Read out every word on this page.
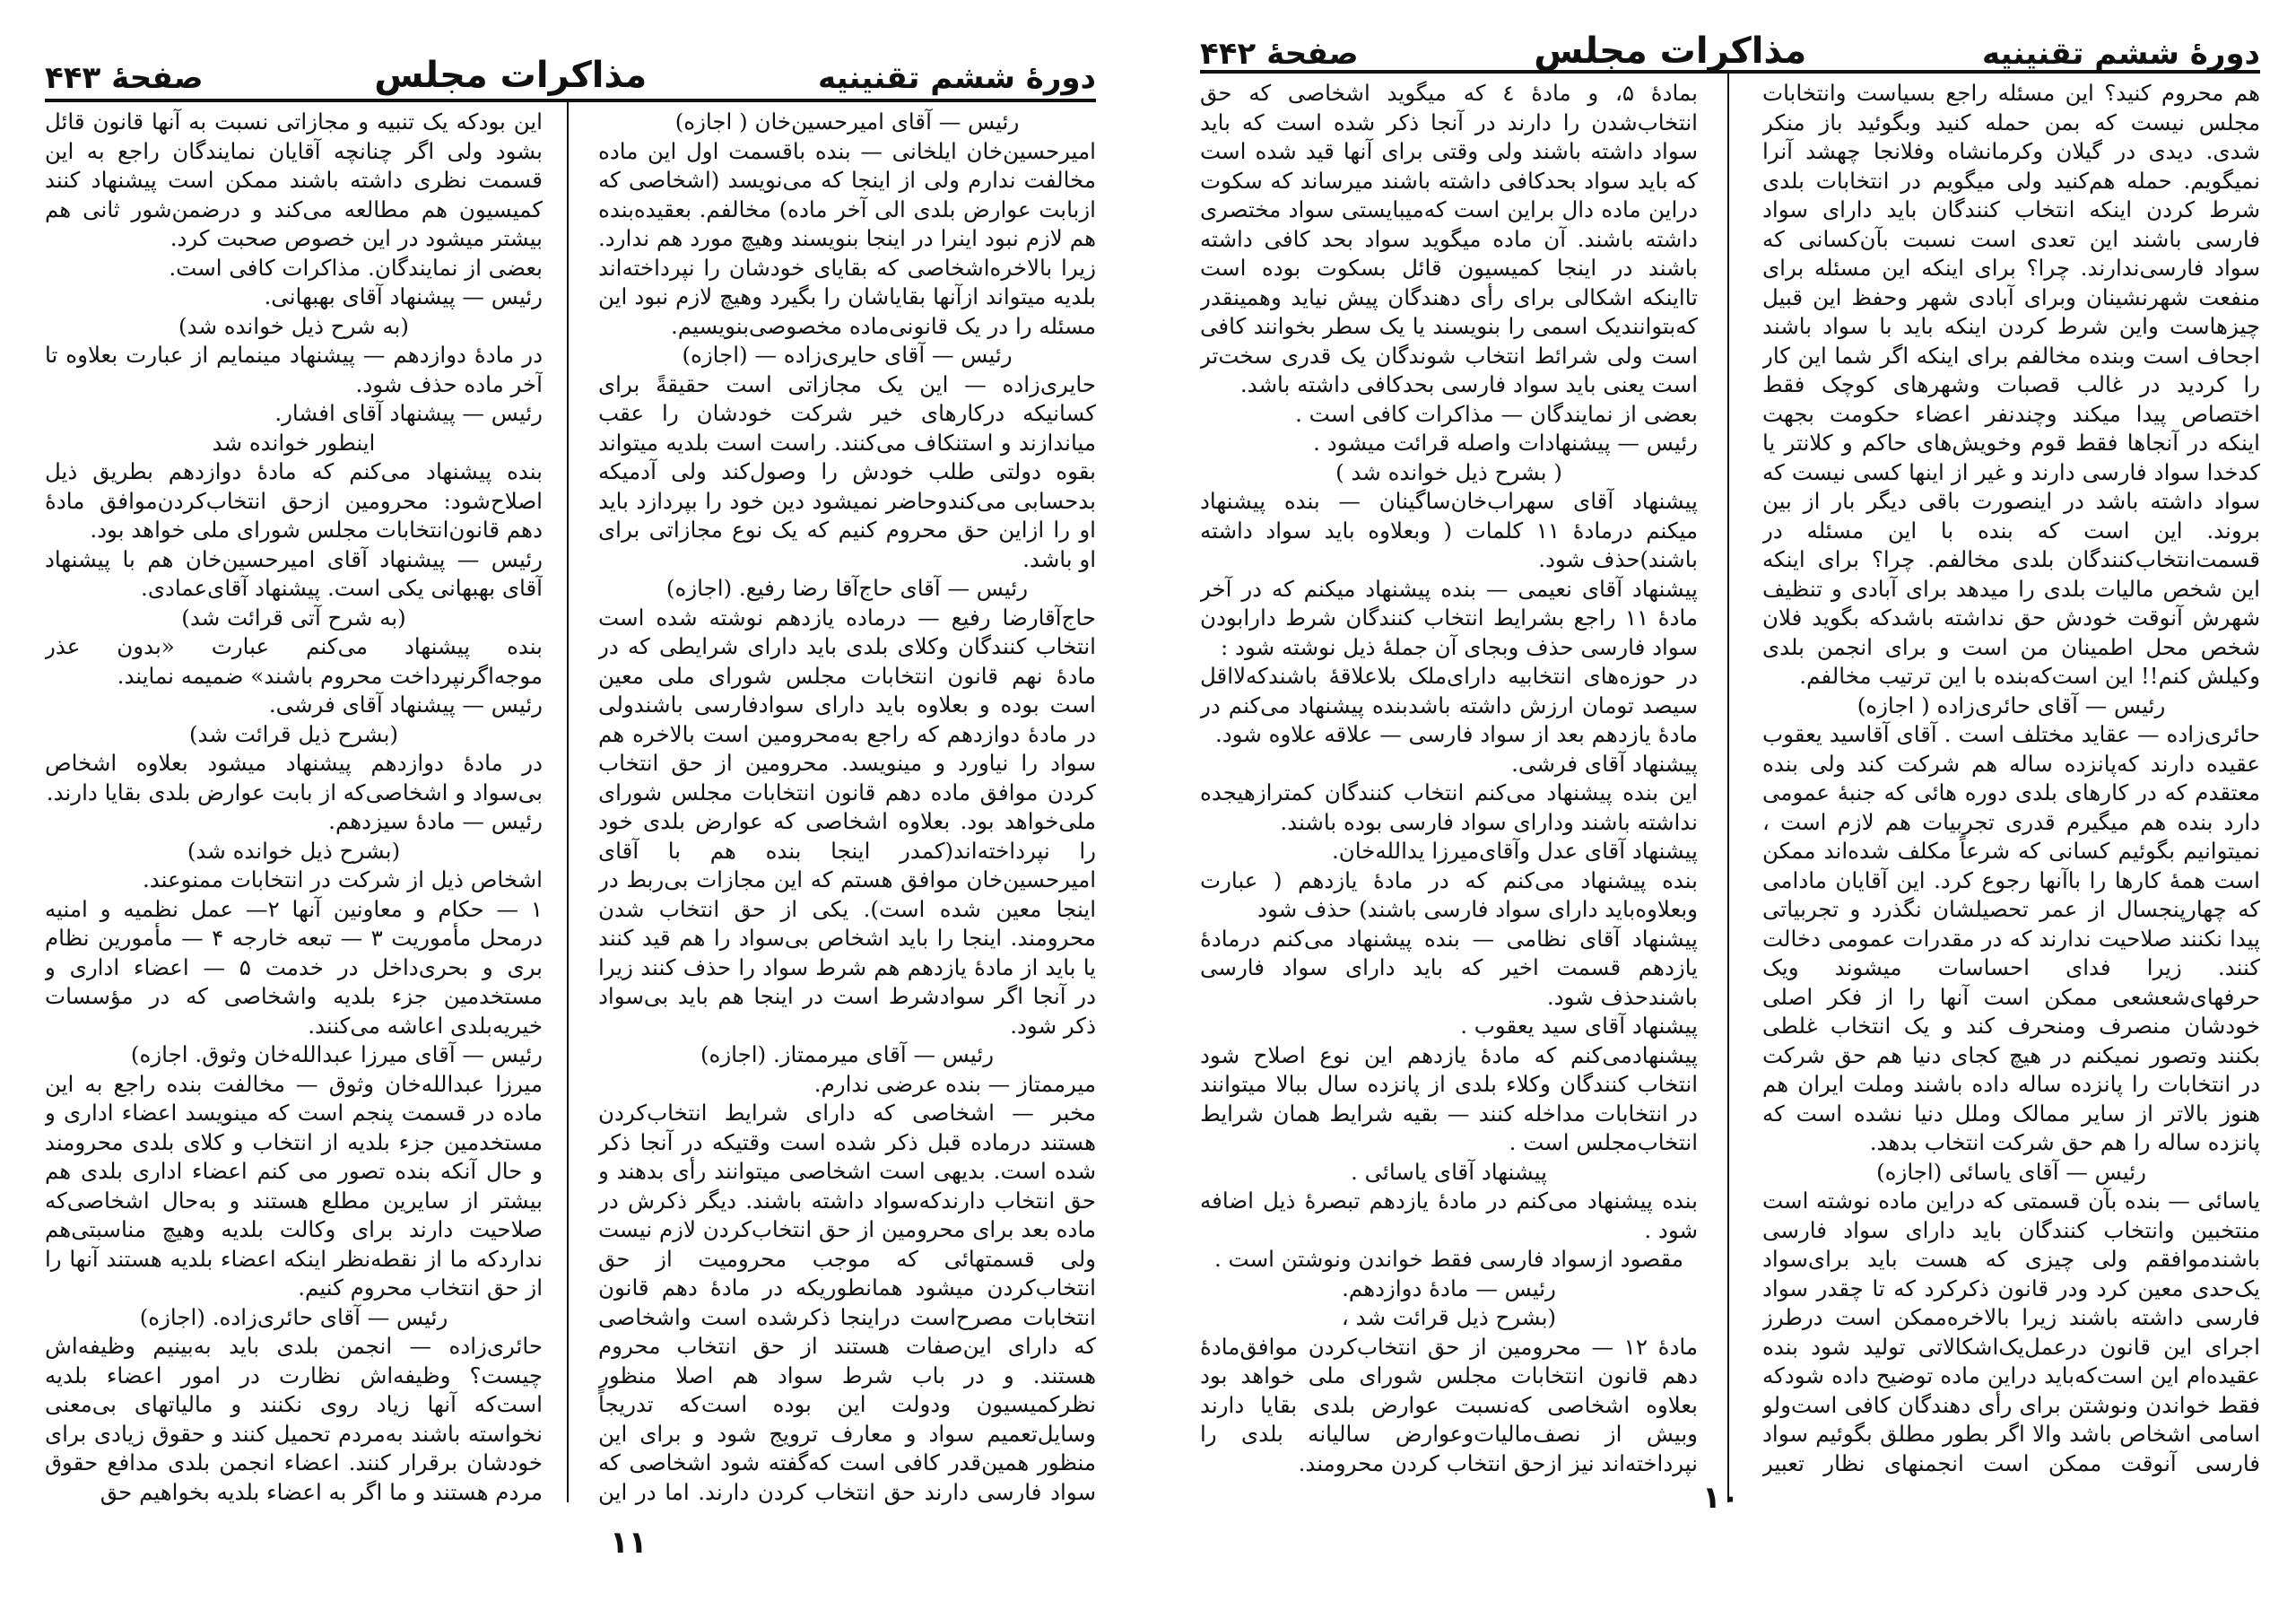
صفحهٔ ۴۴۳	مذاکرات مجلس	دورهٔ ششم تقنینیه

رئیس — آقای امیرحسین‌خان ( اجازه)

امیرحسین‌خان ایلخانی — بنده باقسمت اول این ماده مخالفت ندارم ولی از اینجا که می‌نویسد (اشخاصی که ازبابت عوارض بلدی الی آخر ماده) مخالفم. بعقیده‌بنده هم لازم نبود اینرا در اینجا بنویسند وهیچ مورد هم ندارد. زیرا بالاخره‌اشخاصی که بقایای خودشان را نپرداخته‌اند بلدیه میتواند ازآنها بقایاشان را بگیرد وهیچ لازم نبود این مسئله را در یک قانونی‌ماده مخصوصی‌بنویسیم.

رئیس — آقای حایری‌زاده — (اجازه)

حایری‌زاده — این یک مجازاتی است حقیقةً برای کسانیکه درکارهای خیر شرکت خودشان را عقب میاندازند و استنکاف می‌کنند. راست است بلدیه میتواند بقوه دولتی طلب خودش را وصول‌کند ولی آدمیکه بدحسابی می‌کندوحاضر نمیشود دین خود را بپردازد باید او را ازاین حق محروم کنیم که یک نوع مجازاتی برای او باشد.

رئیس — آقای حاج‌آقا رضا رفیع. (اجازه)

حاج‌آقارضا رفیع — درماده یازدهم نوشته شده است انتخاب کنندگان وکلای بلدی باید دارای شرایطی که در مادهٔ نهم قانون انتخابات مجلس شورای ملی معین است بوده و بعلاوه باید دارای سوادفارسی باشندولی در مادهٔ دوازدهم که راجع به‌محرومین است بالاخره هم سواد را نیاورد و مینویسد. محرومین از حق انتخاب کردن موافق ماده دهم قانون انتخابات مجلس شورای ملی‌خواهد بود. بعلاوه اشخاصی که عوارض بلدی خود را نپرداخته‌اند(کمدر اینجا بنده هم با آقای امیرحسین‌خان موافق هستم که این مجازات بی‌ربط در اینجا معین شده است). یکی از حق انتخاب شدن محرومند. اینجا را باید اشخاص بی‌سواد را هم قید کنند یا باید از مادهٔ یازدهم هم شرط سواد را حذف کنند زیرا در آنجا اگر سوادشرط است در اینجا هم باید بی‌سواد ذکر شود.

رئیس — آقای میرممتاز. (اجازه)

میرممتاز — بنده عرضی ندارم.

مخبر — اشخاصی که دارای شرایط انتخاب‌کردن هستند درماده قبل ذکر شده است وقتیکه در آنجا ذکر شده است. بدیهی است اشخاصی میتوانند رأی بدهند و حق انتخاب دارند‌که‌سواد داشته باشند. دیگر ذکرش در ماده بعد برای محرومین از حق انتخاب‌کردن لازم نیست ولی قسمتهائی که موجب محرومیت از حق انتخاب‌کردن میشود همانطوریکه در مادهٔ دهم قانون انتخابات مصرح‌است دراینجا ذکرشده است واشخاصی که دارای این‌صفات هستند از حق انتخاب محروم هستند. و در باب شرط سواد هم اصلا منظور نظرکمیسیون ودولت این بوده است‌که تدریجاً وسایل‌تعمیم سواد و معارف ترویج شود و برای این منظور همین‌قدر کافی است که‌گفته شود اشخاصی که سواد فارسی دارند حق انتخاب کردن دارند. اما در این

این بودکه یک تنبیه و مجازاتی نسبت به آنها قانون قائل بشود ولی اگر چنانچه آقایان نمایندگان راجع به این قسمت نظری داشته باشند ممکن است پیشنهاد کنند کمیسیون هم مطالعه می‌کند و درضمن‌شور ثانی هم بیشتر میشود در این خصوص صحبت کرد.

بعضی از نمایندگان. مذاکرات کافی است.

رئیس — پیشنهاد آقای بهبهانی.

(به شرح ذیل خوانده شد)

در مادهٔ دوازدهم — پیشنهاد مینمایم از عبارت بعلاوه تا آخر ماده حذف شود.

رئیس — پیشنهاد آقای افشار.

اینطور خوانده شد

بنده پیشنهاد می‌کنم که مادهٔ دوازدهم بطریق ذیل اصلاح‌شود: محرومین ازحق انتخاب‌کردن‌موافق مادهٔ دهم قانون‌انتخابات مجلس شورای ملی خواهد بود.

رئیس — پیشنهاد آقای امیرحسین‌خان هم با پیشنهاد آقای بهبهانی یکی است. پیشنهاد آقای‌عمادی.

(به شرح آتی قرائت شد)

بنده پیشنهاد می‌کنم عبارت «بدون عذر موجه‌اگرنپرداخت محروم باشند» ضمیمه نمایند.

رئیس — پیشنهاد آقای فرشی.

(بشرح ذیل قرائت شد)

در مادهٔ دوازدهم پیشنهاد میشود بعلاوه اشخاص بی‌سواد و اشخاصی‌که از بابت عوارض بلدی بقایا دارند.

رئیس — مادهٔ سیزدهم.

(بشرح ذیل خوانده شد)

اشخاص ذیل از شرکت در انتخابات ممنوعند.

۱ — حکام و معاونین آنها ۲— عمل نظمیه و امنیه درمحل مأموریت ۳ — تبعه خارجه ۴ — مأمورین نظام بری و بحری‌داخل در خدمت ۵ — اعضاء اداری و مستخدمین جزء بلدیه واشخاصی که در مؤسسات خیریه‌بلدی اعاشه می‌کنند.

رئیس — آقای میرزا عبدالله‌خان وثوق. اجازه)

میرزا عبدالله‌خان وثوق — مخالفت بنده راجع به این ماده در قسمت پنجم است ‌که مینویسد اعضاء اداری و مستخدمین جزء بلدیه از انتخاب و کلای بلدی محرومند و حال آنکه بنده تصور می کنم اعضاء اداری بلدی هم بیشتر از سایرین مطلع هستند و به‌حال اشخاصی‌که صلاحیت دارند برای وکالت بلدیه وهیچ مناسبتی‌هم ندارد‌که ما از نقطه‌نظر اینکه اعضاء بلدیه هستند آنها را از حق انتخاب محروم کنیم.

رئیس — آقای حائری‌زاده. (اجازه)

حائری‌زاده — انجمن بلدی باید به‌بینیم وظیفه‌اش چیست؟ وظیفه‌اش نظارت در امور اعضاء بلدیه است‌که آنها زیاد روی نکنند و مالیاتهای بی‌معنی نخواسته باشند به‌مردم تحمیل کنند و حقوق زیادی برای خودشان برقرار کنند. اعضاء انجمن بلدی مدافع حقوق مردم هستند و ما اگر به اعضاء بلدیه بخواهیم حق

۱۱
صفحهٔ ۴۴۲	مذاکرات مجلس	دورهٔ ششم تقنینیه

هم محروم کنید؟ این مسئله راجع بسیاست وانتخابات مجلس نیست که بمن حمله کنید وبگوئید باز منکر شدی. دیدی در گیلان وکرمانشاه وفلانجا چهشد آنرا نمیگویم. حمله هم‌کنید ولی میگویم در انتخابات بلدی شرط کردن اینکه انتخاب کنندگان باید دارای سواد فارسی باشند این تعدی است نسبت بآن‌کسانی که سواد فارسی‌ندارند. چرا؟ برای اینکه این مسئله برای منفعت شهرنشینان وبرای آبادی شهر وحفظ این قبیل چیزهاست واین شرط کردن اینکه باید با سواد باشند اجحاف است وبنده مخالفم برای اینکه اگر شما این کار را کردید در غالب قصبات وشهرهای کوچک فقط اختصاص پیدا میکند وچندنفر اعضاء حکومت بجهت اینکه در آنجاها فقط قوم وخویش‌های حاکم و کلانتر یا کدخدا سواد فارسی دارند و غیر از اینها کسی نیست که سواد داشته باشد در اینصورت باقی دیگر بار از بین بروند. این است که بنده با این مسئله در قسمت‌انتخاب‌کنندگان بلدی مخالفم. چرا؟ برای اینکه این شخص مالیات بلدی را میدهد برای آبادی و تنظیف شهرش آنوقت خودش حق نداشته باشد‌که بگوید فلان شخص محل اطمینان من است و برای انجمن بلدی وکیلش کنم!! این است‌که‌بنده با این ترتیب مخالفم.

رئیس — آقای حائری‌زاده ( اجازه)

حائری‌زاده — عقاید مختلف است . آقای آقاسید یعقوب عقیده دارند که‌پانزده ساله هم شرکت کند ولی بنده معتقدم که در کارهای بلدی دوره هائی که جنبهٔ عمومی دارد بنده هم میگیرم قدری تجربیات هم لازم است ، نمیتوانیم بگوئیم کسانی که شرعاً مکلف شده‌اند ممکن است همهٔ کارها را باآنها رجوع کرد. این آقایان مادامی که چهارپنجسال از عمر تحصیلشان نگذرد و تجربیاتی پیدا نکنند صلاحیت ندارند که در مقدرات عمومی دخالت کنند. زیرا فدای احساسات میشوند ویک حرفهای‌شعشعی ممکن است آنها را از فکر اصلی خودشان منصرف ومنحرف کند و یک انتخاب غلطی بکنند وتصور نمیکنم در هیچ کجای دنیا هم حق شرکت در انتخابات را پانزده ساله داده باشند وملت ایران هم هنوز بالاتر از سایر ممالک وملل دنیا نشده است که پانزده ساله را هم حق شرکت انتخاب بدهد.

رئیس — آقای یاسائی (اجازه)

یاسائی — بنده بآن قسمتی که دراین ماده نوشته است منتخبین وانتخاب کنندگان باید دارای سواد فارسی باشندموافقم ولی چیزی که هست باید برای‌سواد یک‌حدی معین کرد ودر قانون ذکرکرد که تا چقدر سواد فارسی داشته باشند زیرا بالاخره‌ممکن است در‌طرز اجرای این قانون در‌عمل‌یک‌اشکالاتی تولید شود بنده عقیده‌ام این است‌که‌باید دراین ماده توضیح داده شود‌که فقط خواندن ونوشتن برای رأی دهندگان کافی است‌ولو اسامی اشخاص باشد والا اگر بطور مطلق بگوئیم سواد فارسی آنوقت ممکن است انجمنهای نظار تعبیر

بمادهٔ ۵، و مادهٔ ٤ که میگوید اشخاصی که حق انتخاب‌شدن را دارند در آنجا ذکر شده است که باید سواد داشته باشند ولی وقتی برای آنها قید شده است که باید سواد بحدکافی داشته باشند میرساند که سکوت دراین ماده دال براین است که‌میبایستی سواد مختصری داشته باشند. آن ماده میگوید سواد بحد کافی داشته باشند در اینجا کمیسیون قائل بسکوت بوده است تااینکه اشکالی برای رأی دهندگان پیش نیاید وهمینقدر که‌بتوانند‌یک اسمی را بنویسند یا یک سطر بخوانند کافی است ولی شرائط انتخاب شوندگان یک قدری سخت‌تر است یعنی باید سواد فارسی بحدکافی داشته باشد.

بعضی از نمایندگان — مذاکرات کافی است .

رئیس — پیشنهادات واصله قرائت میشود .

( بشرح ذیل خوانده شد )

پیشنهاد آقای سهراب‌خان‌ساگینان — بنده پیشنهاد میکنم درمادهٔ ۱۱ کلمات ( وبعلاوه باید سواد داشته باشند)حذف شود.

پیشنهاد آقای نعیمی — بنده پیشنهاد میکنم که در آخر مادهٔ ۱۱ راجع بشرایط انتخاب کنندگان شرط دارابودن سواد فارسی حذف وبجای آن جملهٔ ذیل نوشته شود :

در حوزه‌های انتخابیه دارای‌ملک بلاعلاقهٔ باشند‌که‌لااقل سیصد تومان ارزش داشته باشدبنده پیشنهاد می‌کنم در مادهٔ یازدهم بعد از سواد فارسی — علاقه علاوه شود.

پیشنهاد آقای فرشی.

این بنده پیشنهاد می‌کنم انتخاب کنندگان کمتر‌ازهیجده نداشته باشند ودارای سواد فارسی بوده باشند.

پیشنهاد آقای عدل وآقای‌میرزا یدالله‌خان.

بنده پیشنهاد می‌کنم که در مادهٔ یازدهم ( عبارت وبعلاوه‌باید دارای سواد فارسی باشند) حذف شود

پیشنهاد آقای نظامی — بنده پیشنهاد می‌کنم درمادهٔ یازدهم قسمت اخیر که باید دارای سواد فارسی باشندحذف شود.

پیشنهاد آقای سید یعقوب .

پیشنهادمی‌کنم که مادهٔ یازدهم این نوع اصلاح شود انتخاب‌ کنندگان وکلاء بلدی از پانزده سال ببالا میتوانند در انتخابات مداخله کنند — بقیه شرایط همان شرایط انتخاب‌مجلس است .

پیشنهاد آقای یاسائی .

بنده پیشنهاد می‌کنم در مادهٔ یازدهم تبصرهٔ ذیل اضافه شود .

مقصود ازسواد فارسی فقط خواندن ونوشتن است .

رئیس — مادهٔ دوازدهم.

(بشرح ذیل قرائت شد ،

مادهٔ ۱۲ — محرومین از حق انتخاب‌کردن موافق‌مادهٔ دهم قانون انتخابات مجلس شورای ملی خواهد بود بعلاوه اشخاصی که‌نسبت عوارض بلدی بقایا دارند وبیش از نصف‌مالیات‌وعوارض سالیانه بلدی را نپرداخته‌اند نیز ازحق انتخاب کردن محرومند.

۱۰
